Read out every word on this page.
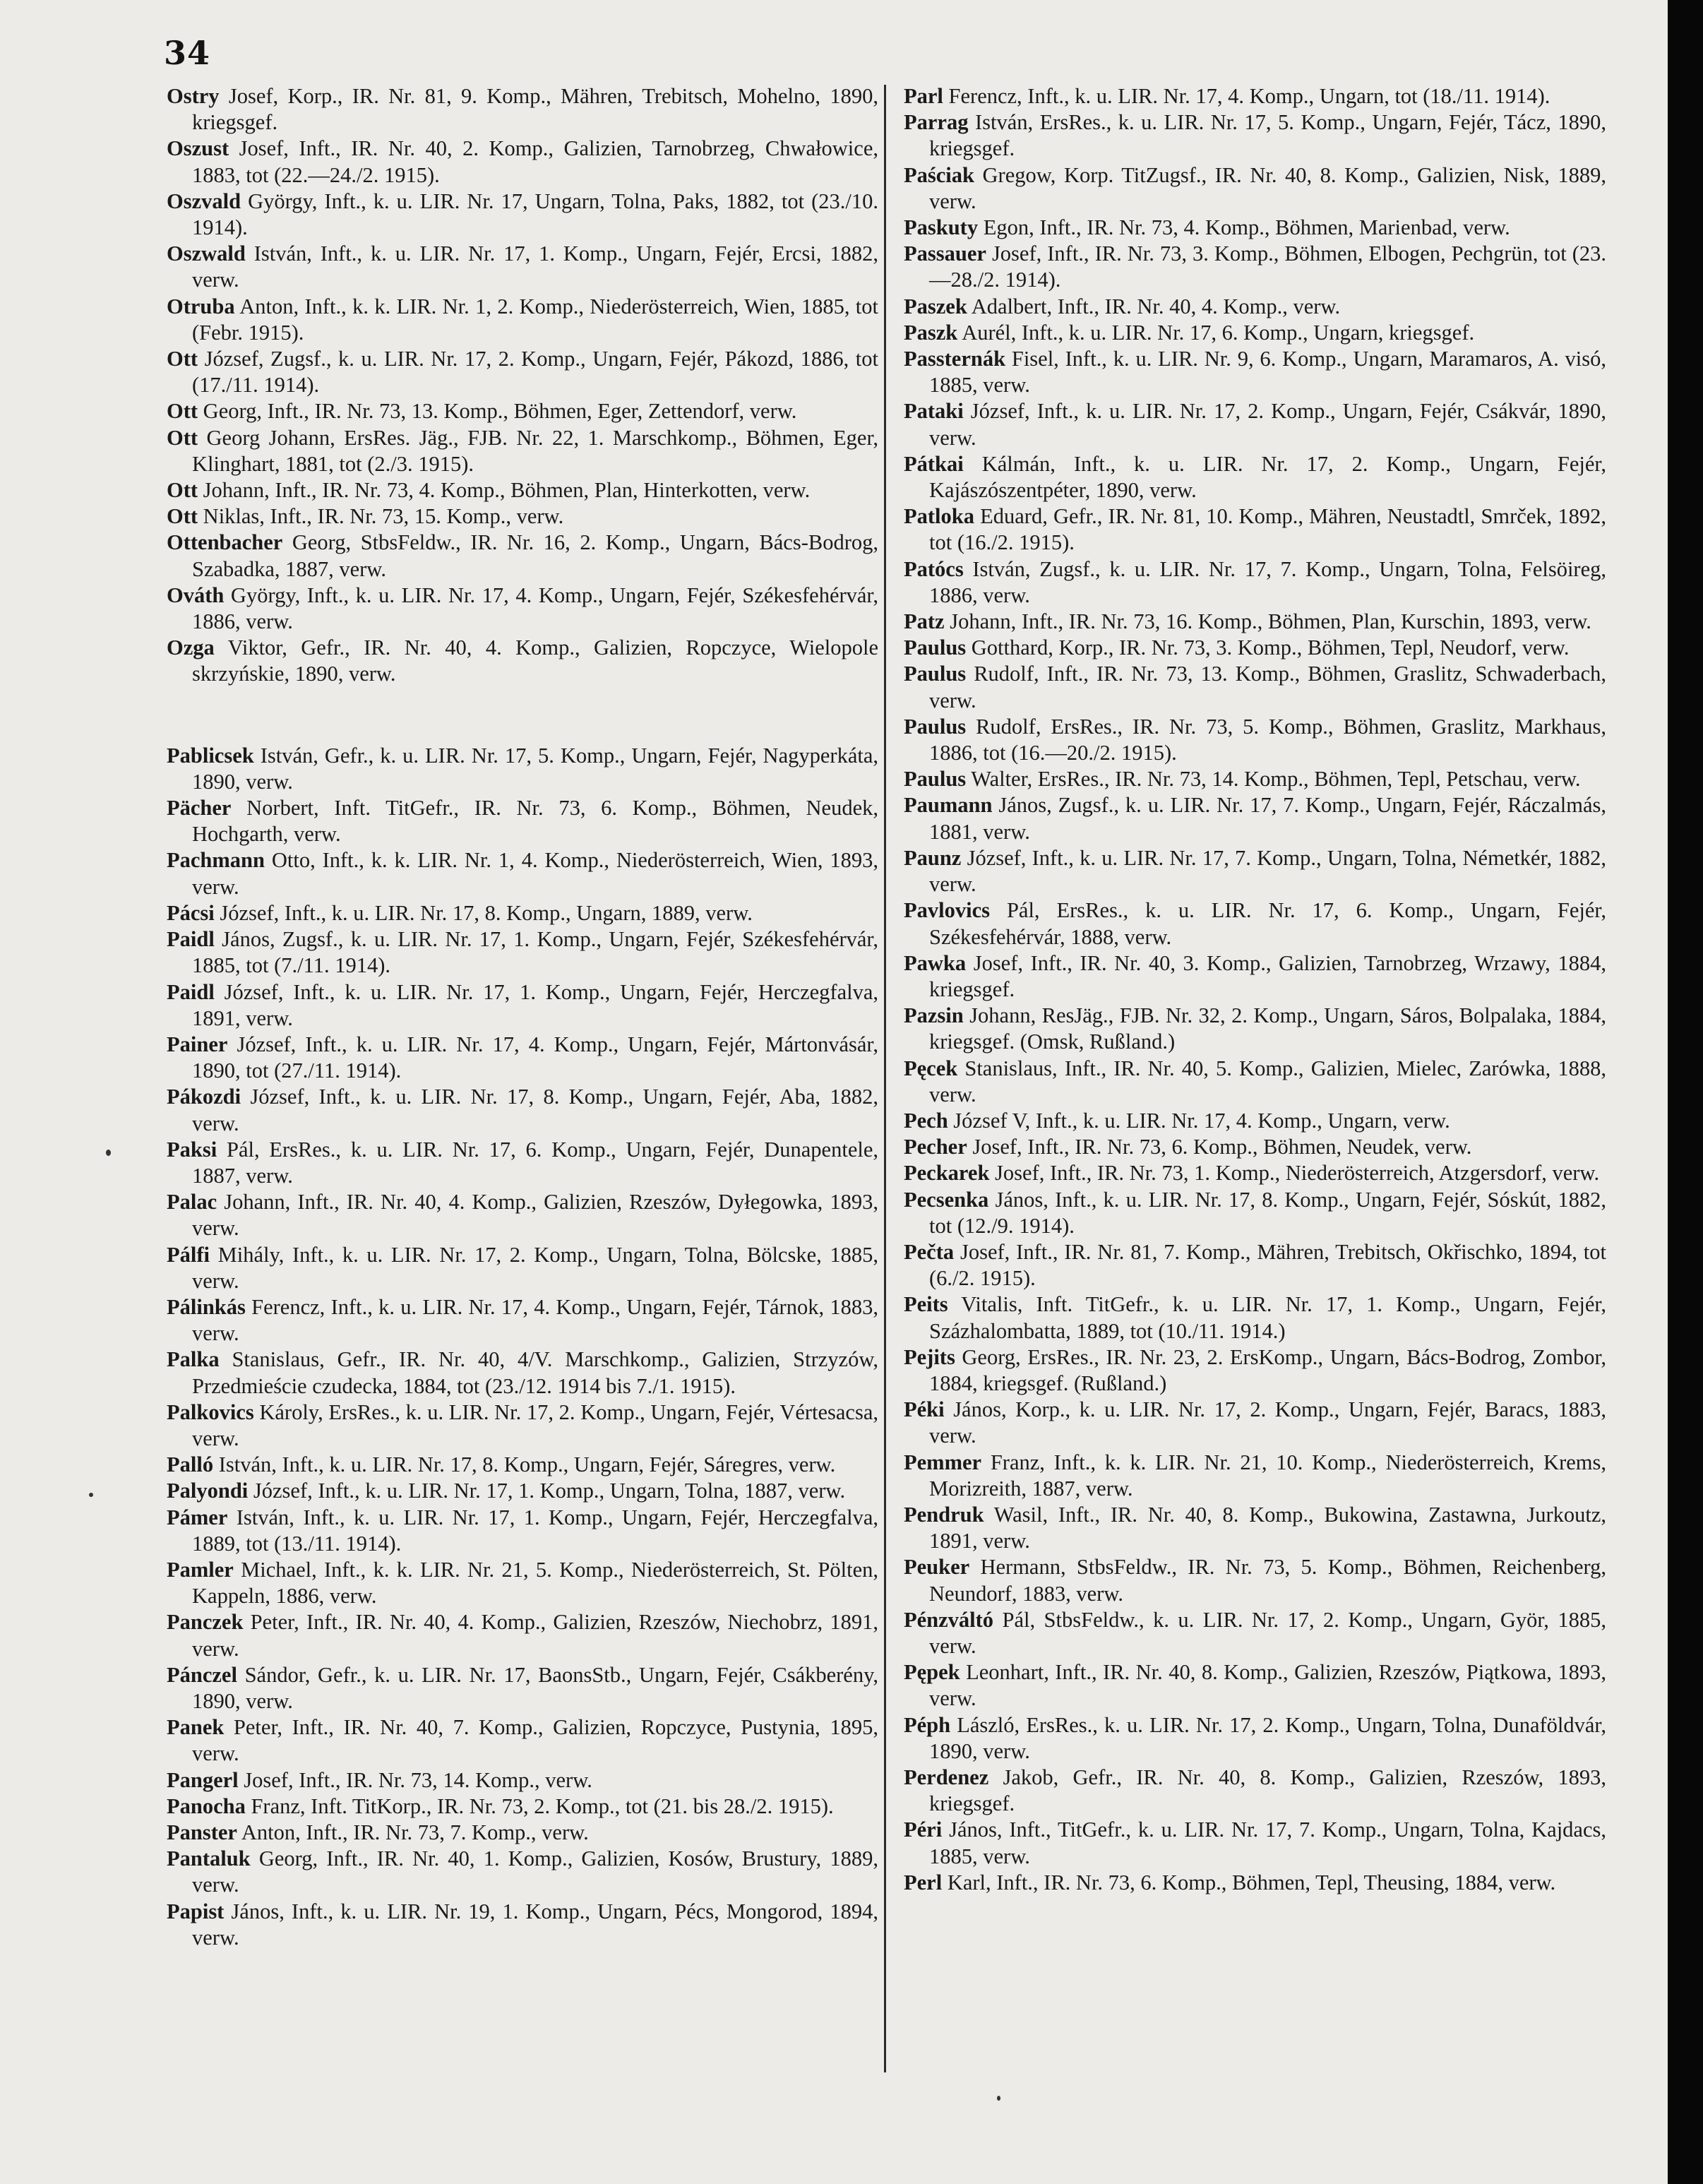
34

Ostry Josef, Korp., IR. Nr. 81, 9. Komp., Mähren, Trebitsch, Mohelno, 1890, kriegsgef.

Oszust Josef, Inft., IR. Nr. 40, 2. Komp., Galizien, Tarnobrzeg, Chwałowice, 1883, tot (22.—24./2. 1915).

Oszvald György, Inft., k. u. LIR. Nr. 17, Ungarn, Tolna, Paks, 1882, tot (23./10. 1914).

Oszwald István, Inft., k. u. LIR. Nr. 17, 1. Komp., Ungarn, Fejér, Ercsi, 1882, verw.

Otruba Anton, Inft., k. k. LIR. Nr. 1, 2. Komp., Niederösterreich, Wien, 1885, tot (Febr. 1915).

Ott József, Zugsf., k. u. LIR. Nr. 17, 2. Komp., Ungarn, Fejér, Pákozd, 1886, tot (17./11. 1914).

Ott Georg, Inft., IR. Nr. 73, 13. Komp., Böhmen, Eger, Zettendorf, verw.

Ott Georg Johann, ErsRes. Jäg., FJB. Nr. 22, 1. Marschkomp., Böhmen, Eger, Klinghart, 1881, tot (2./3. 1915).

Ott Johann, Inft., IR. Nr. 73, 4. Komp., Böhmen, Plan, Hinterkotten, verw.

Ott Niklas, Inft., IR. Nr. 73, 15. Komp., verw.

Ottenbacher Georg, StbsFeldw., IR. Nr. 16, 2. Komp., Ungarn, Bács-Bodrog, Szabadka, 1887, verw.

Ováth György, Inft., k. u. LIR. Nr. 17, 4. Komp., Ungarn, Fejér, Székesfehérvár, 1886, verw.

Ozga Viktor, Gefr., IR. Nr. 40, 4. Komp., Galizien, Ropczyce, Wielopole skrzyńskie, 1890, verw.

Pablicsek István, Gefr., k. u. LIR. Nr. 17, 5. Komp., Ungarn, Fejér, Nagyperkáta, 1890, verw.

Pächer Norbert, Inft. TitGefr., IR. Nr. 73, 6. Komp., Böhmen, Neudek, Hochgarth, verw.

Pachmann Otto, Inft., k. k. LIR. Nr. 1, 4. Komp., Niederösterreich, Wien, 1893, verw.

Pácsi József, Inft., k. u. LIR. Nr. 17, 8. Komp., Ungarn, 1889, verw.

Paidl János, Zugsf., k. u. LIR. Nr. 17, 1. Komp., Ungarn, Fejér, Székesfehérvár, 1885, tot (7./11. 1914).

Paidl József, Inft., k. u. LIR. Nr. 17, 1. Komp., Ungarn, Fejér, Herczegfalva, 1891, verw.

Painer József, Inft., k. u. LIR. Nr. 17, 4. Komp., Ungarn, Fejér, Mártonvásár, 1890, tot (27./11. 1914).

Pákozdi József, Inft., k. u. LIR. Nr. 17, 8. Komp., Ungarn, Fejér, Aba, 1882, verw.

Paksi Pál, ErsRes., k. u. LIR. Nr. 17, 6. Komp., Ungarn, Fejér, Dunapentele, 1887, verw.

Palac Johann, Inft., IR. Nr. 40, 4. Komp., Galizien, Rzeszów, Dyłegowka, 1893, verw.

Pálfi Mihály, Inft., k. u. LIR. Nr. 17, 2. Komp., Ungarn, Tolna, Bölcske, 1885, verw.

Pálinkás Ferencz, Inft., k. u. LIR. Nr. 17, 4. Komp., Ungarn, Fejér, Tárnok, 1883, verw.

Palka Stanislaus, Gefr., IR. Nr. 40, 4/V. Marschkomp., Galizien, Strzyzów, Przedmieście czudecka, 1884, tot (23./12. 1914 bis 7./1. 1915).

Palkovics Károly, ErsRes., k. u. LIR. Nr. 17, 2. Komp., Ungarn, Fejér, Vértesacsa, verw.

Palló István, Inft., k. u. LIR. Nr. 17, 8. Komp., Ungarn, Fejér, Sáregres, verw.

Palyondi József, Inft., k. u. LIR. Nr. 17, 1. Komp., Ungarn, Tolna, 1887, verw.

Pámer István, Inft., k. u. LIR. Nr. 17, 1. Komp., Ungarn, Fejér, Herczegfalva, 1889, tot (13./11. 1914).

Pamler Michael, Inft., k. k. LIR. Nr. 21, 5. Komp., Niederösterreich, St. Pölten, Kappeln, 1886, verw.

Panczek Peter, Inft., IR. Nr. 40, 4. Komp., Galizien, Rzeszów, Niechobrz, 1891, verw.

Pánczel Sándor, Gefr., k. u. LIR. Nr. 17, BaonsStb., Ungarn, Fejér, Csákberény, 1890, verw.

Panek Peter, Inft., IR. Nr. 40, 7. Komp., Galizien, Ropczyce, Pustynia, 1895, verw.

Pangerl Josef, Inft., IR. Nr. 73, 14. Komp., verw.

Panocha Franz, Inft. TitKorp., IR. Nr. 73, 2. Komp., tot (21. bis 28./2. 1915).

Panster Anton, Inft., IR. Nr. 73, 7. Komp., verw.

Pantaluk Georg, Inft., IR. Nr. 40, 1. Komp., Galizien, Kosów, Brustury, 1889, verw.

Papist János, Inft., k. u. LIR. Nr. 19, 1. Komp., Ungarn, Pécs, Mongorod, 1894, verw.

Parl Ferencz, Inft., k. u. LIR. Nr. 17, 4. Komp., Ungarn, tot (18./11. 1914).

Parrag István, ErsRes., k. u. LIR. Nr. 17, 5. Komp., Ungarn, Fejér, Tácz, 1890, kriegsgef.

Paściak Gregow, Korp. TitZugsf., IR. Nr. 40, 8. Komp., Galizien, Nisk, 1889, verw.

Paskuty Egon, Inft., IR. Nr. 73, 4. Komp., Böhmen, Marienbad, verw.

Passauer Josef, Inft., IR. Nr. 73, 3. Komp., Böhmen, Elbogen, Pechgrün, tot (23.—28./2. 1914).

Paszek Adalbert, Inft., IR. Nr. 40, 4. Komp., verw.

Paszk Aurél, Inft., k. u. LIR. Nr. 17, 6. Komp., Ungarn, kriegsgef.

Passternák Fisel, Inft., k. u. LIR. Nr. 9, 6. Komp., Ungarn, Maramaros, A. visó, 1885, verw.

Pataki József, Inft., k. u. LIR. Nr. 17, 2. Komp., Ungarn, Fejér, Csákvár, 1890, verw.

Pátkai Kálmán, Inft., k. u. LIR. Nr. 17, 2. Komp., Ungarn, Fejér, Kajászószentpéter, 1890, verw.

Patloka Eduard, Gefr., IR. Nr. 81, 10. Komp., Mähren, Neustadtl, Smrček, 1892, tot (16./2. 1915).

Patócs István, Zugsf., k. u. LIR. Nr. 17, 7. Komp., Ungarn, Tolna, Felsöireg, 1886, verw.

Patz Johann, Inft., IR. Nr. 73, 16. Komp., Böhmen, Plan, Kurschin, 1893, verw.

Paulus Gotthard, Korp., IR. Nr. 73, 3. Komp., Böhmen, Tepl, Neudorf, verw.

Paulus Rudolf, Inft., IR. Nr. 73, 13. Komp., Böhmen, Graslitz, Schwaderbach, verw.

Paulus Rudolf, ErsRes., IR. Nr. 73, 5. Komp., Böhmen, Graslitz, Markhaus, 1886, tot (16.—20./2. 1915).

Paulus Walter, ErsRes., IR. Nr. 73, 14. Komp., Böhmen, Tepl, Petschau, verw.

Paumann János, Zugsf., k. u. LIR. Nr. 17, 7. Komp., Ungarn, Fejér, Ráczalmás, 1881, verw.

Paunz József, Inft., k. u. LIR. Nr. 17, 7. Komp., Ungarn, Tolna, Németkér, 1882, verw.

Pavlovics Pál, ErsRes., k. u. LIR. Nr. 17, 6. Komp., Ungarn, Fejér, Székesfehérvár, 1888, verw.

Pawka Josef, Inft., IR. Nr. 40, 3. Komp., Galizien, Tarnobrzeg, Wrzawy, 1884, kriegsgef.

Pazsin Johann, ResJäg., FJB. Nr. 32, 2. Komp., Ungarn, Sáros, Bolpalaka, 1884, kriegsgef. (Omsk, Rußland.)

Pęcek Stanislaus, Inft., IR. Nr. 40, 5. Komp., Galizien, Mielec, Zarówka, 1888, verw.

Pech József V, Inft., k. u. LIR. Nr. 17, 4. Komp., Ungarn, verw.

Pecher Josef, Inft., IR. Nr. 73, 6. Komp., Böhmen, Neudek, verw.

Peckarek Josef, Inft., IR. Nr. 73, 1. Komp., Niederösterreich, Atzgersdorf, verw.

Pecsenka János, Inft., k. u. LIR. Nr. 17, 8. Komp., Ungarn, Fejér, Sóskút, 1882, tot (12./9. 1914).

Pečta Josef, Inft., IR. Nr. 81, 7. Komp., Mähren, Trebitsch, Okřischko, 1894, tot (6./2. 1915).

Peits Vitalis, Inft. TitGefr., k. u. LIR. Nr. 17, 1. Komp., Ungarn, Fejér, Százhalombatta, 1889, tot (10./11. 1914.)

Pejits Georg, ErsRes., IR. Nr. 23, 2. ErsKomp., Ungarn, Bács-Bodrog, Zombor, 1884, kriegsgef. (Rußland.)

Péki János, Korp., k. u. LIR. Nr. 17, 2. Komp., Ungarn, Fejér, Baracs, 1883, verw.

Pemmer Franz, Inft., k. k. LIR. Nr. 21, 10. Komp., Niederösterreich, Krems, Morizreith, 1887, verw.

Pendruk Wasil, Inft., IR. Nr. 40, 8. Komp., Bukowina, Zastawna, Jurkoutz, 1891, verw.

Peuker Hermann, StbsFeldw., IR. Nr. 73, 5. Komp., Böhmen, Reichenberg, Neundorf, 1883, verw.

Pénzváltó Pál, StbsFeldw., k. u. LIR. Nr. 17, 2. Komp., Ungarn, Györ, 1885, verw.

Pępek Leonhart, Inft., IR. Nr. 40, 8. Komp., Galizien, Rzeszów, Piątkowa, 1893, verw.

Péph László, ErsRes., k. u. LIR. Nr. 17, 2. Komp., Ungarn, Tolna, Dunaföldvár, 1890, verw.

Perdenez Jakob, Gefr., IR. Nr. 40, 8. Komp., Galizien, Rzeszów, 1893, kriegsgef.

Péri János, Inft., TitGefr., k. u. LIR. Nr. 17, 7. Komp., Ungarn, Tolna, Kajdacs, 1885, verw.

Perl Karl, Inft., IR. Nr. 73, 6. Komp., Böhmen, Tepl, Theusing, 1884, verw.
